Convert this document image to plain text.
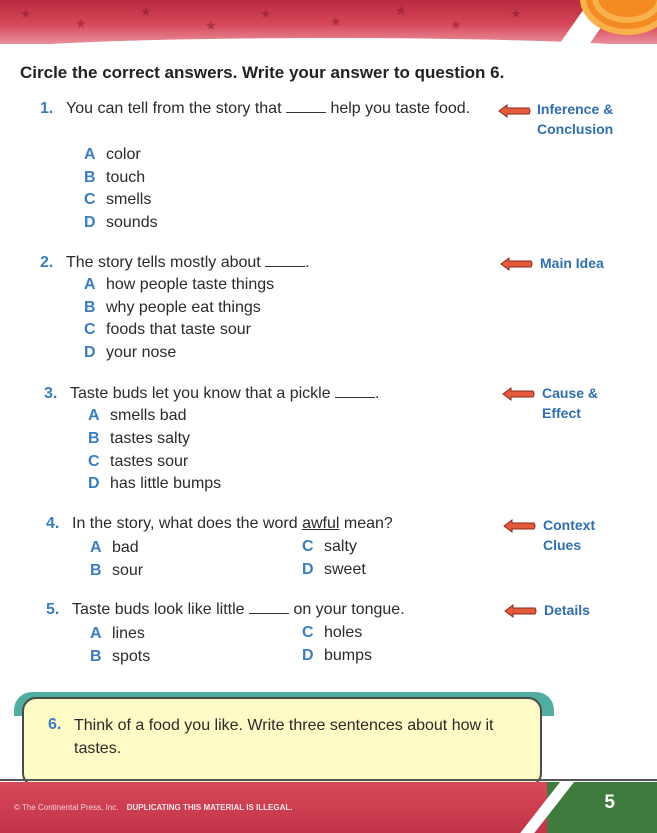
★
★
★
★
★
★
★
★
★

Circle the correct answers. Write your answer to question 6.

1. You can tell from the story that	help you taste food.

A color
B touch
C smells
D sounds
Inference &
Conclusion
2. The story tells mostly about	.

A how people taste things
B why people eat things
C foods that taste sour
D your nose
Main Idea
3. Taste buds let you know that a pickle	.

A smells bad
B tastes salty
C tastes sour
D has little bumps
Cause &
Effect
4. In the story, what does the word awful mean?

A bad
B sour
C salty
D sweet
Context
Clues
5. Taste buds look like little	on your tongue.

A lines
B spots
C holes
D bumps
Details
6. Think of a food you like. Write three sentences about how it tastes.

© The Continental Press, Inc. DUPLICATING THIS MATERIAL IS ILLEGAL.	5
